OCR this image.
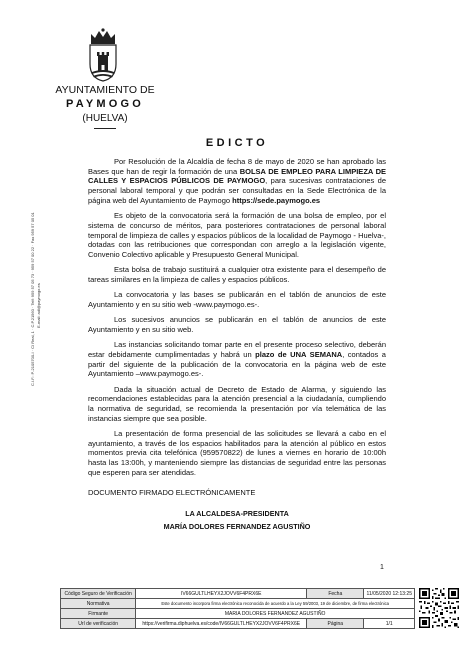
AYUNTAMIENTO DE
PAYMOGO
(HUELVA)
C.I.F.: P-2105700-I · C/ Real, 1 · C.P.21560 · Telf: 959 57 05 73 · 959 57 00 22 · Fax 959 57 05 01 E-mail: adl@paymogo.es
EDICTO

Por Resolución de la Alcaldía de fecha 8 de mayo de 2020 se han aprobado las Bases que han de regir la formación de una BOLSA DE EMPLEO PARA LIMPIEZA DE CALLES Y ESPACIOS PÚBLICOS DE PAYMOGO, para sucesivas contrataciones de personal laboral temporal y que podrán ser consultadas en la Sede Electrónica de la página web del Ayuntamiento de Paymogo https://sede.paymogo.es

Es objeto de la convocatoria será la formación de una bolsa de empleo, por el sistema de concurso de méritos, para posteriores contrataciones de personal laboral temporal de limpieza de calles y espacios públicos de la localidad de Paymogo - Huelva-, dotadas con las retribuciones que correspondan con arreglo a la legislación vigente, Convenio Colectivo aplicable y Presupuesto General Municipal.

Esta bolsa de trabajo sustituirá a cualquier otra existente para el desempeño de tareas similares en la limpieza de calles y espacios públicos.

La convocatoria y las bases se publicarán en el tablón de anuncios de este Ayuntamiento y en su sitio web -www.paymogo.es-.

Los sucesivos anuncios se publicarán en el tablón de anuncios de este Ayuntamiento y en su sitio web.

Las instancias solicitando tomar parte en el presente proceso selectivo, deberán estar debidamente cumplimentadas y habrá un plazo de UNA SEMANA, contados a partir del siguiente de la publicación de la convocatoria en la página web de este Ayuntamiento –www.paymogo.es-.

Dada la situación actual de Decreto de Estado de Alarma, y siguiendo las recomendaciones establecidas para la atención presencial a la ciudadanía, cumpliendo la normativa de seguridad, se recomienda la presentación por vía telemática de las instancias siempre que sea posible.

La presentación de forma presencial de las solicitudes se llevará a cabo en el ayuntamiento, a través de los espacios habilitados para la atención al público en estos momentos previa cita telefónica (959570822) de lunes a viernes en horario de 10:00h hasta las 13:00h, y manteniendo siempre las distancias de seguridad entre las personas que esperen para ser atendidas.

DOCUMENTO FIRMADO ELECTRÓNICAMENTE

LA ALCALDESA-PRESIDENTA
MARÍA DOLORES FERNANDEZ AGUSTIÑO
1
Código Seguro de Verificación	IV66GULTLHEYX2JOVV6F4PRX6E	Fecha	11/05/2020 12:13:25
Normativa	Este documento incorpora firma electrónica reconocida de acuerdo a la Ley 59/2003, 19 de diciembre, de firma electrónica		
Firmante	MARIA DOLORES FERNANDEZ AGUSTIÑO		
Url de verificación	https://verifirma.diphuelva.es/code/IV66GULTLHEYX2JOVV6F4PRX6E	Página	1/1
